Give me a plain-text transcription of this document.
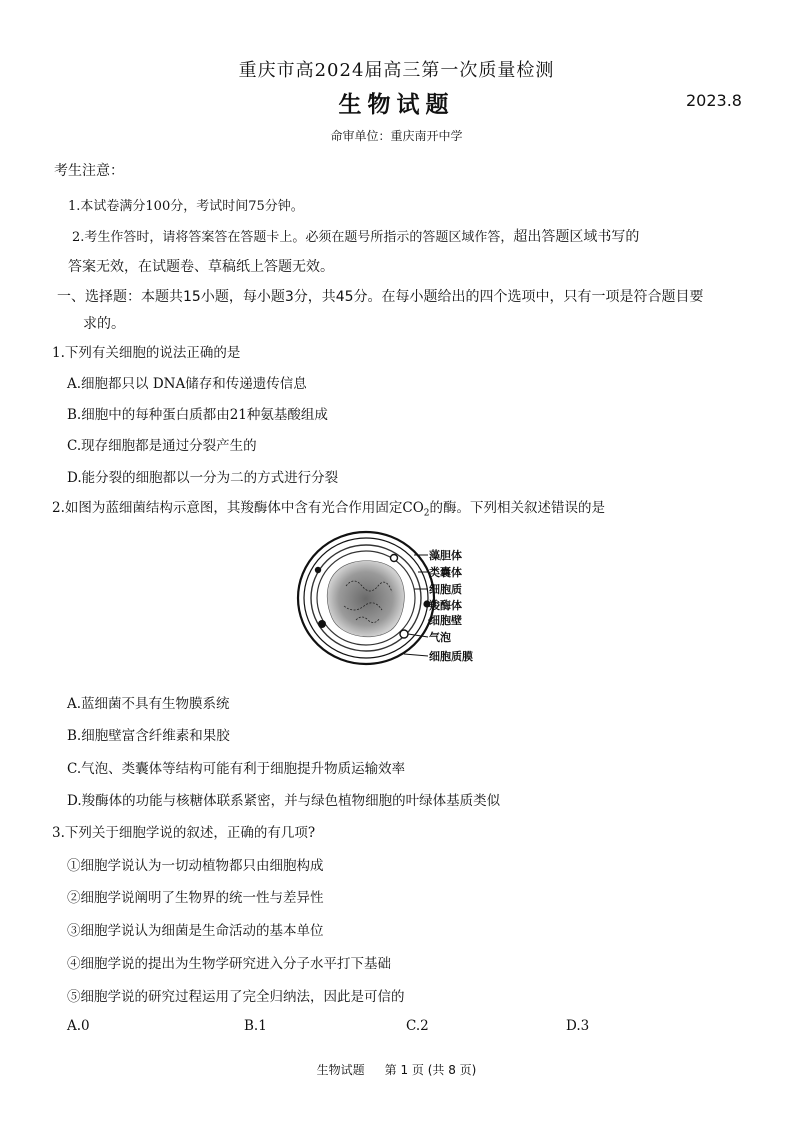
重庆市高2024届高三第一次质量检测
生物试题	2023.8
命审单位：重庆南开中学
考生注意：
1.本试卷满分100分，考试时间75分钟。
2.考生作答时，请将答案答在答题卡上。必须在题号所指示的答题区域作答，超出答题区域书写的
答案无效，在试题卷、草稿纸上答题无效。
一、选择题：本题共15小题，每小题3分，共45分。在每小题给出的四个选项中，只有一项是符合题目要
求的。
1.下列有关细胞的说法正确的是
A.细胞都只以 DNA储存和传递遗传信息
B.细胞中的每种蛋白质都由21种氨基酸组成
C.现存细胞都是通过分裂产生的
D.能分裂的细胞都以一分为二的方式进行分裂
2.如图为蓝细菌结构示意图，其羧酶体中含有光合作用固定$CO_2$的酶。下列相关叙述错误的是
藻胆体
类囊体
细胞质
羧酶体
细胞壁
气泡
细胞质膜
A.蓝细菌不具有生物膜系统
B.细胞壁富含纤维素和果胶
C.气泡、类囊体等结构可能有利于细胞提升物质运输效率
D.羧酶体的功能与核糖体联系紧密，并与绿色植物细胞的叶绿体基质类似
3.下列关于细胞学说的叙述，正确的有几项?
①细胞学说认为一切动植物都只由细胞构成
②细胞学说阐明了生物界的统一性与差异性
③细胞学说认为细菌是生命活动的基本单位
④细胞学说的提出为生物学研究进入分子水平打下基础
⑤细胞学说的研究过程运用了完全归纳法，因此是可信的
A.0	B.1	C.2	D.3
生物试题 第 1 页 (共 8 页)
